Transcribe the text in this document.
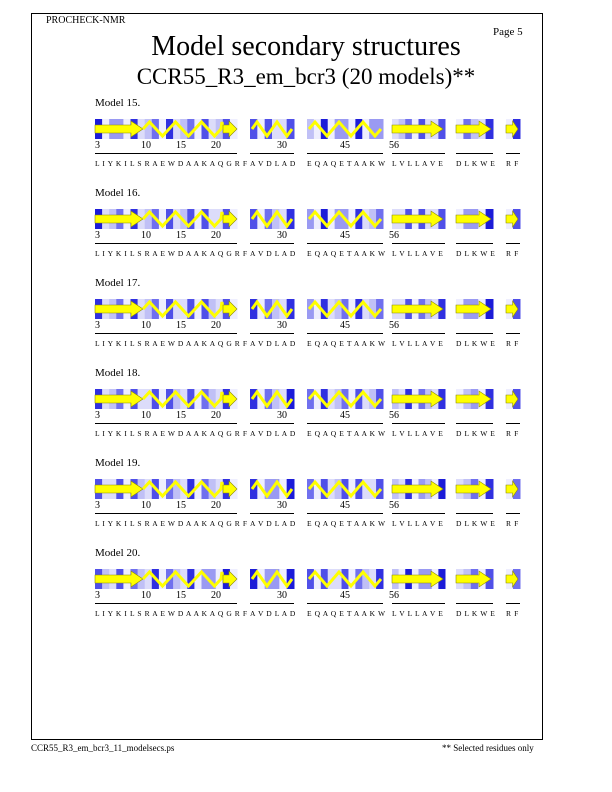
PROCHECK-NMR
Page 5
Model secondary structures
CCR55_R3_em_bcr3 (20 models)**
Model 15.
L I Y K I L S R A E W D A A K A Q G R F A V D L A D E Q A Q E T A A K W L V L L A V E D L K W E R F
3	10	15	20	30	45	56
Model 16.
L I Y K I L S R A E W D A A K A Q G R F A V D L A D E Q A Q E T A A K W L V L L A V E D L K W E R F
3	10	15	20	30	45	56
Model 17.
L I Y K I L S R A E W D A A K A Q G R F A V D L A D E Q A Q E T A A K W L V L L A V E D L K W E R F
3	10	15	20	30	45	56
Model 18.
L I Y K I L S R A E W D A A K A Q G R F A V D L A D E Q A Q E T A A K W L V L L A V E D L K W E R F
3	10	15	20	30	45	56
Model 19.
L I Y K I L S R A E W D A A K A Q G R F A V D L A D E Q A Q E T A A K W L V L L A V E D L K W E R F
3	10	15	20	30	45	56
Model 20.
L I Y K I L S R A E W D A A K A Q G R F A V D L A D E Q A Q E T A A K W L V L L A V E D L K W E R F
3	10	15	20	30	45	56
CCR55_R3_em_bcr3_11_modelsecs.ps	** Selected residues only
